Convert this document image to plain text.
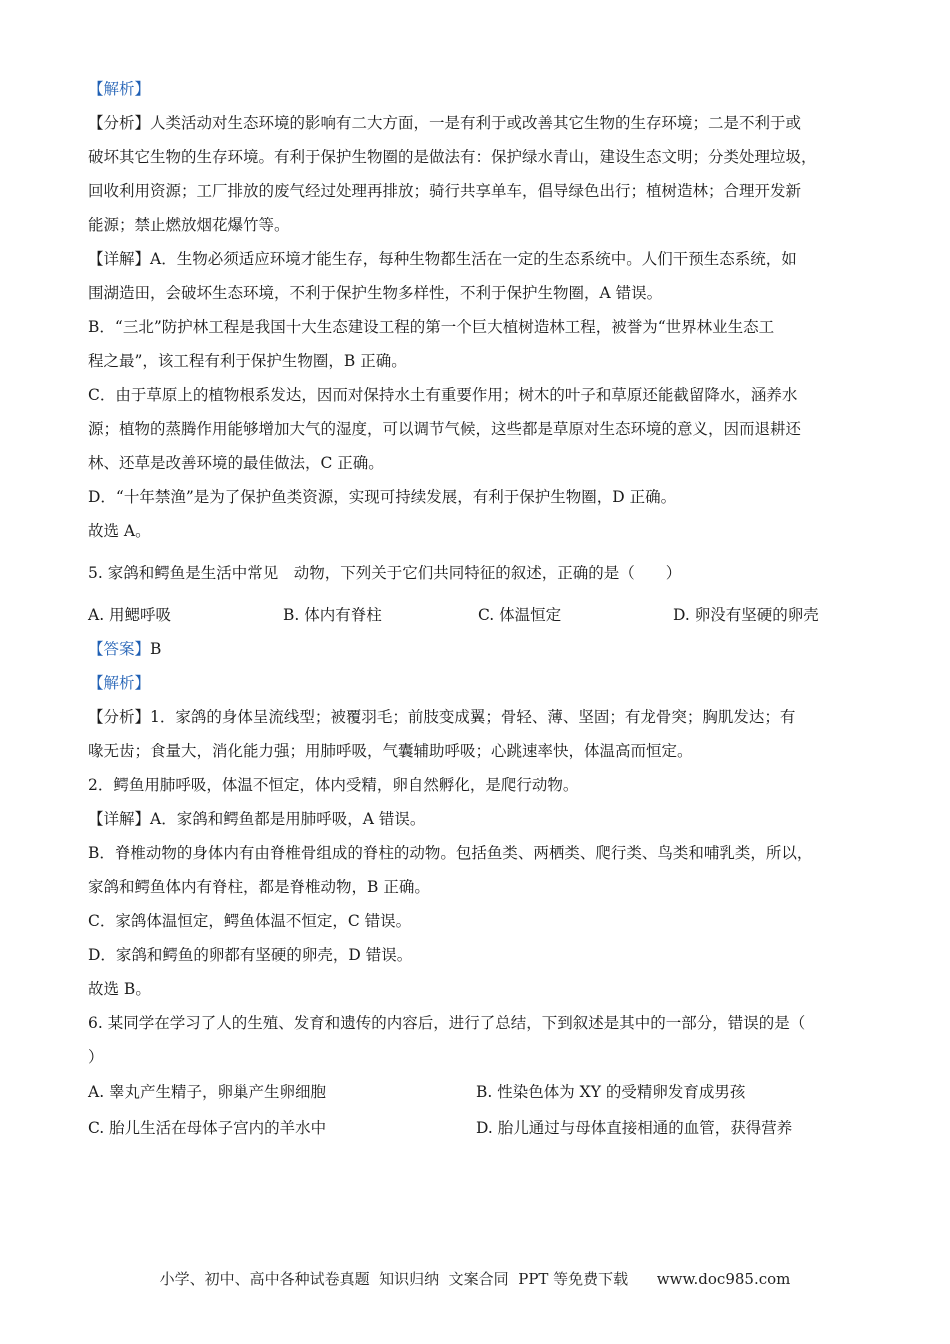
【解析】

【分析】人类活动对生态环境的影响有二大方面，一是有利于或改善其它生物的生存环境；二是不利于或

破坏其它生物的生存环境。有利于保护生物圈的是做法有：保护绿水青山，建设生态文明；分类处理垃圾，

回收利用资源；工厂排放的废气经过处理再排放；骑行共享单车，倡导绿色出行；植树造林；合理开发新

能源；禁止燃放烟花爆竹等。

【详解】A．生物必须适应环境才能生存，每种生物都生活在一定的生态系统中。人们干预生态系统，如

围湖造田，会破坏生态环境，不利于保护生物多样性，不利于保护生物圈，A 错误。

B．“三北”防护林工程是我国十大生态建设工程的第一个巨大植树造林工程，被誉为“世界林业生态工

程之最”，该工程有利于保护生物圈，B 正确。

C．由于草原上的植物根系发达，因而对保持水土有重要作用；树木的叶子和草原还能截留降水，涵养水

源；植物的蒸腾作用能够增加大气的湿度，可以调节气候，这些都是草原对生态环境的意义，因而退耕还

林、还草是改善环境的最佳做法，C 正确。

D．“十年禁渔”是为了保护鱼类资源，实现可持续发展，有利于保护生物圈，D 正确。

故选 A。

5. 家鸽和鳄鱼是生活中常见　动物，下列关于它们共同特征的叙述，正确的是（　　）

A. 用鳃呼吸	B. 体内有脊柱	C. 体温恒定	D. 卵没有坚硬的卵壳

【答案】B

【解析】

【分析】1．家鸽的身体呈流线型；被覆羽毛；前肢变成翼；骨轻、薄、坚固；有龙骨突；胸肌发达；有

喙无齿；食量大，消化能力强；用肺呼吸，气囊辅助呼吸；心跳速率快，体温高而恒定。

2．鳄鱼用肺呼吸，体温不恒定，体内受精，卵自然孵化，是爬行动物。

【详解】A．家鸽和鳄鱼都是用肺呼吸，A 错误。

B．脊椎动物的身体内有由脊椎骨组成的脊柱的动物。包括鱼类、两栖类、爬行类、鸟类和哺乳类，所以，

家鸽和鳄鱼体内有脊柱，都是脊椎动物，B 正确。

C．家鸽体温恒定，鳄鱼体温不恒定，C 错误。

D．家鸽和鳄鱼的卵都有坚硬的卵壳，D 错误。

故选 B。

6. 某同学在学习了人的生殖、发育和遗传的内容后，进行了总结，下到叙述是其中的一部分，错误的是（

）

A. 睾丸产生精子，卵巢产生卵细胞	B. 性染色体为 XY 的受精卵发育成男孩
C. 胎儿生活在母体子宫内的羊水中	D. 胎儿通过与母体直接相通的血管，获得营养
小学、初中、高中各种试卷真题  知识归纳  文案合同  PPT 等免费下载      www.doc985.com
